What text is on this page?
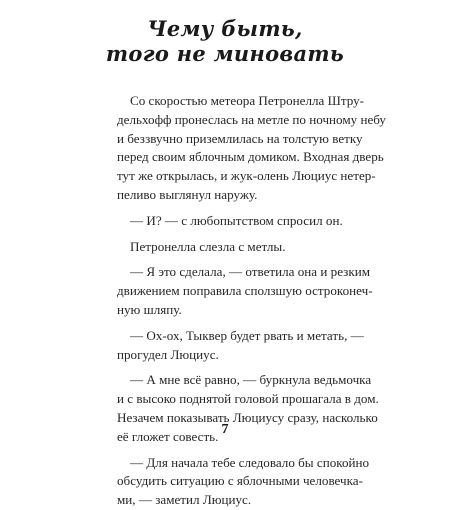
Чему быть,
того не миновать
Со скоростью метеора Петронелла Штру-
дельхофф пронеслась на метле по ночному небу
и беззвучно приземлилась на толстую ветку
перед своим яблочным домиком. Входная дверь
тут же открылась, и жук-олень Люциус нетер-
пеливо выглянул наружу.
— И? — с любопытством спросил он.
Петронелла слезла с метлы.
— Я это сделала, — ответила она и резким
движением поправила сползшую остроконеч-
ную шляпу.
— Ох-ох, Тыквер будет рвать и метать, —
прогудел Люциус.
— А мне всё равно, — буркнула ведьмочка
и с высоко поднятой головой прошагала в дом.
Незачем показывать Люциусу сразу, насколько
её гложет совесть.
— Для начала тебе следовало бы спокойно
обсудить ситуацию с яблочными человечка-
ми, — заметил Люциус.
7
